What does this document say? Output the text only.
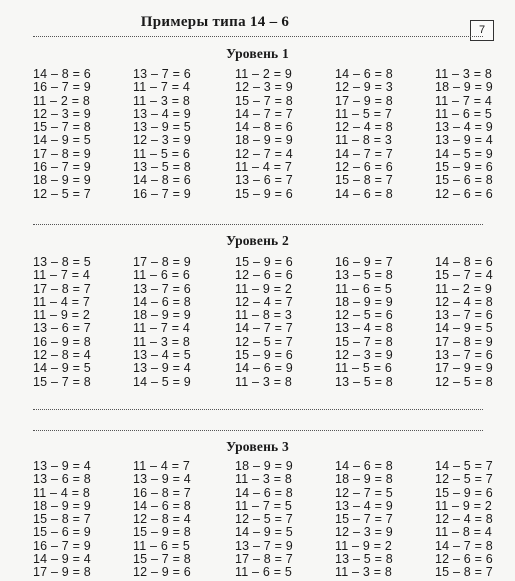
Примеры типа 14 – 6	7
Уровень 1
14 – 8 = 6
16 – 7 = 9
11 – 2 = 8
12 – 3 = 9
15 – 7 = 8
14 – 9 = 5
17 – 8 = 9
16 – 7 = 9
18 – 9 = 9
12 – 5 = 7
13 – 7 = 6
11 – 7 = 4
11 – 3 = 8
13 – 4 = 9
13 – 9 = 5
12 – 3 = 9
11 – 5 = 6
13 – 5 = 8
14 – 8 = 6
16 – 7 = 9
11 – 2 = 9
12 – 3 = 9
15 – 7 = 8
14 – 7 = 7
14 – 8 = 6
18 – 9 = 9
12 – 7 = 4
11 – 4 = 7
13 – 6 = 7
15 – 9 = 6
14 – 6 = 8
12 – 9 = 3
17 – 9 = 8
11 – 5 = 7
12 – 4 = 8
11 – 8 = 3
14 – 7 = 7
12 – 6 = 6
15 – 8 = 7
14 – 6 = 8
11 – 3 = 8
18 – 9 = 9
11 – 7 = 4
11 – 6 = 5
13 – 4 = 9
13 – 9 = 4
14 – 5 = 9
15 – 9 = 6
15 – 6 = 8
12 – 6 = 6
Уровень 2
13 – 8 = 5
11 – 7 = 4
17 – 8 = 7
11 – 4 = 7
11 – 9 = 2
13 – 6 = 7
16 – 9 = 8
12 – 8 = 4
14 – 9 = 5
15 – 7 = 8
17 – 8 = 9
11 – 6 = 6
13 – 7 = 6
14 – 6 = 8
18 – 9 = 9
11 – 7 = 4
11 – 3 = 8
13 – 4 = 5
13 – 9 = 4
14 – 5 = 9
15 – 9 = 6
12 – 6 = 6
11 – 9 = 2
12 – 4 = 7
11 – 8 = 3
14 – 7 = 7
12 – 5 = 7
15 – 9 = 6
14 – 6 = 9
11 – 3 = 8
16 – 9 = 7
13 – 5 = 8
11 – 6 = 5
18 – 9 = 9
12 – 5 = 6
13 – 4 = 8
15 – 7 = 8
12 – 3 = 9
11 – 5 = 6
13 – 5 = 8
14 – 8 = 6
15 – 7 = 4
11 – 2 = 9
12 – 4 = 8
13 – 7 = 6
14 – 9 = 5
17 – 8 = 9
13 – 7 = 6
17 – 9 = 9
12 – 5 = 8
Уровень 3
13 – 9 = 4
13 – 6 = 8
11 – 4 = 8
18 – 9 = 9
15 – 8 = 7
15 – 6 = 9
16 – 7 = 9
14 – 9 = 4
17 – 9 = 8
11 – 4 = 7
13 – 9 = 4
16 – 8 = 7
14 – 6 = 8
12 – 8 = 4
15 – 9 = 8
11 – 6 = 5
15 – 7 = 8
12 – 9 = 6
18 – 9 = 9
11 – 3 = 8
14 – 6 = 8
11 – 7 = 5
12 – 5 = 7
14 – 9 = 5
13 – 7 = 9
17 – 8 = 7
11 – 6 = 5
14 – 6 = 8
18 – 9 = 8
12 – 7 = 5
13 – 4 = 9
15 – 7 = 7
12 – 3 = 9
11 – 9 = 2
13 – 5 = 8
11 – 3 = 8
14 – 5 = 7
12 – 5 = 7
15 – 9 = 6
11 – 9 = 2
12 – 4 = 8
11 – 8 = 4
14 – 7 = 8
12 – 6 = 6
15 – 8 = 7
